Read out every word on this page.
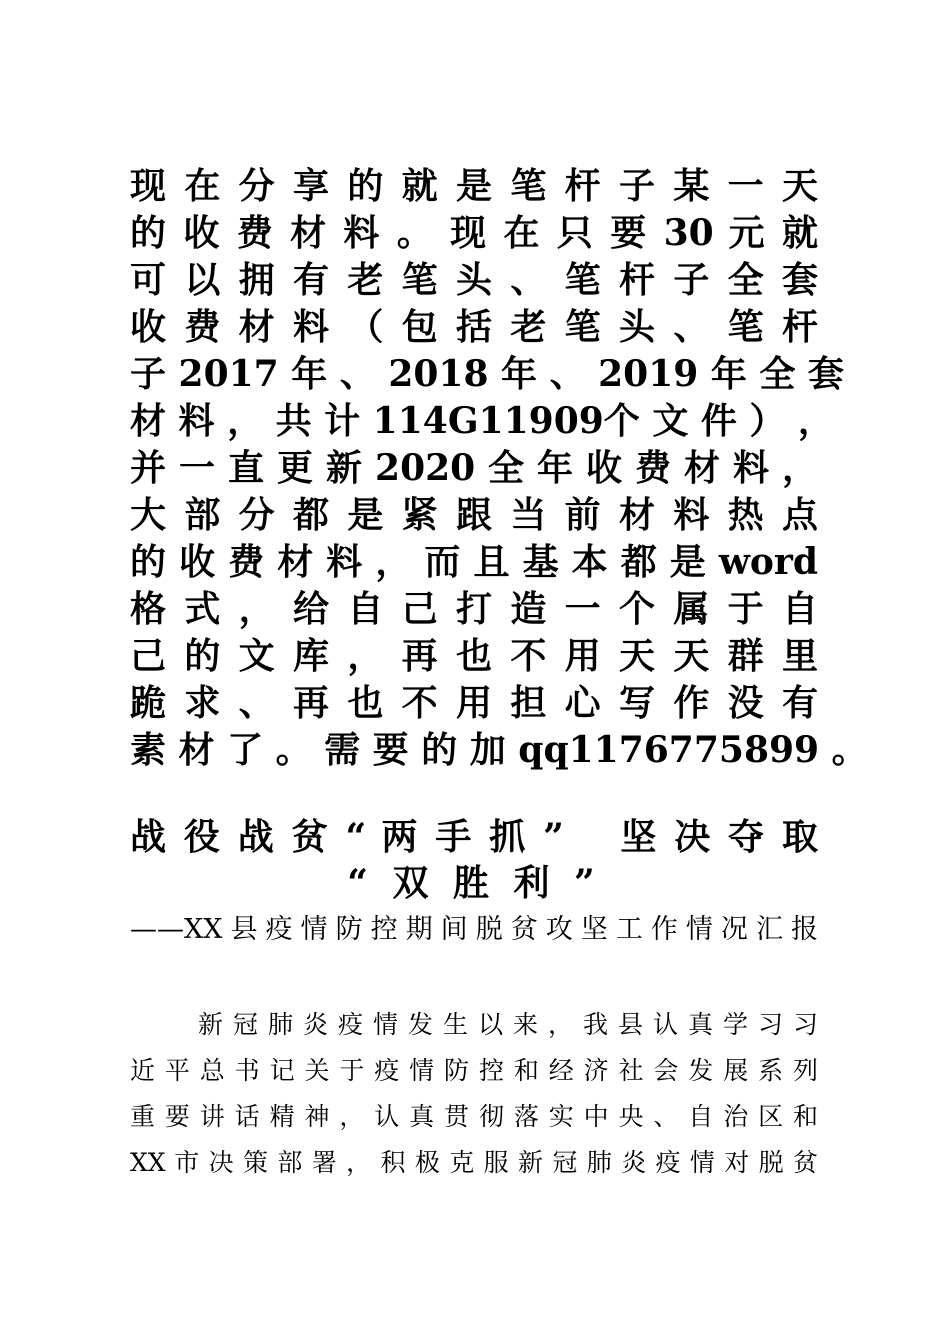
现 在 分 享 的 就 是 笔 杆 子 某 一 天
的 收 费 材 料 。 现 在 只 要 30 元 就
可 以 拥 有 老 笔 头 、 笔 杆 子 全 套
收 费 材 料 （ 包 括 老 笔 头 、 笔 杆
子 2017 年 、 2018 年 、 2019 年 全 套
材 料 ， 共 计 114G11909个 文 件 ） ，
并 一 直 更 新 2020 全 年 收 费 材 料 ，
大 部 分 都 是 紧 跟 当 前 材 料 热 点
的 收 费 材 料 ， 而 且 基 本 都 是 word
格 式 ， 给 自 己 打 造 一 个 属 于 自
己 的 文 库 ， 再 也 不 用 天 天 群 里
跪 求 、 再 也 不 用 担 心 写 作 没 有
素 材 了 。 需 要 的 加 qq1176775899 。
战 役 战 贫 “ 两 手 抓 ”　 坚 决 夺 取
“ 双 胜 利 ”
——XX县疫情防控期间脱贫攻坚工作情况汇报
新 冠 肺 炎 疫 情 发 生 以 来 ， 我 县 认 真 学 习 习
近 平 总 书 记 关 于 疫 情 防 控 和 经 济 社 会 发 展 系 列
重 要 讲 话 精 神 ， 认 真 贯 彻 落 实 中 央 、 自 治 区 和
XX 市 决 策 部 署 ， 积 极 克 服 新 冠 肺 炎 疫 情 对 脱 贫
